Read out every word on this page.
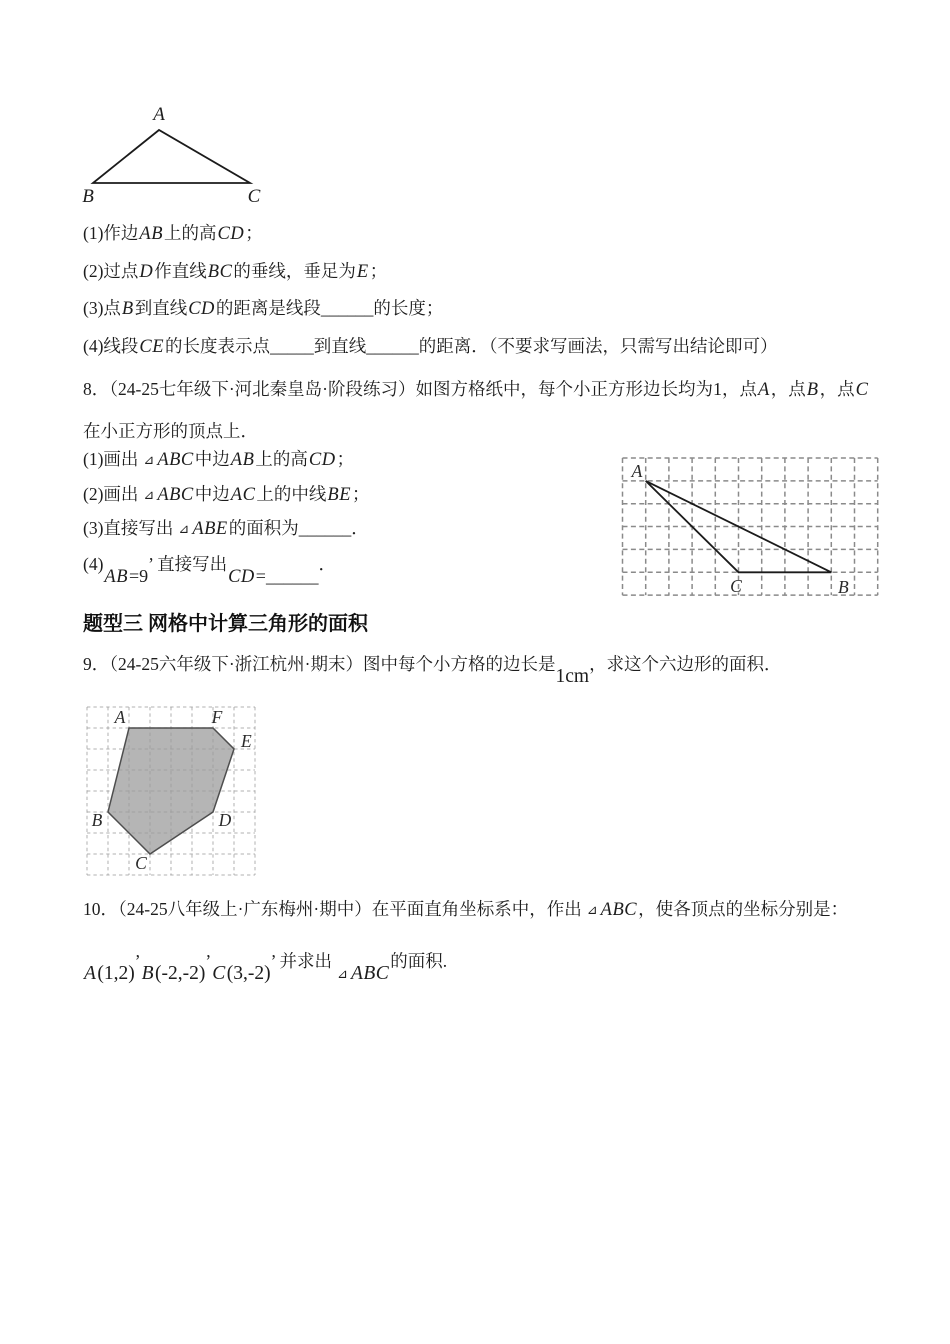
A
B	C
(1)作边AB上的高CD；
(2)过点D作直线BC的垂线，垂足为E；
(3)点B到直线CD的距离是线段______的长度；
(4)线段CE的长度表示点_____到直线______的距离．（不要求写画法，只需写出结论即可）
8．（24-25七年级下·河北秦皇岛·阶段练习）如图方格纸中，每个小正方形边长均为1，点A，点B，点C
在小正方形的顶点上．
(1)画出 ⊿ ABC中边AB上的高CD；
(2)画出 ⊿ ABC中边AC上的中线BE；
(3)直接写出 ⊿ ABE的面积为______．
(4)AB=9’ 直接写出CD=______．
A
C	B
题型三 网格中计算三角形的面积
9．（24-25六年级下·浙江杭州·期末）图中每个小方格的边长是1cm，求这个六边形的面积．
A	F
E
B	D
C
10．（24-25八年级上·广东梅州·期中）在平面直角坐标系中，作出 ⊿ ABC，使各顶点的坐标分别是：
A(1,2)’B(-2,-2)’C(3,-2)’ 并求出⊿ ABC的面积.
